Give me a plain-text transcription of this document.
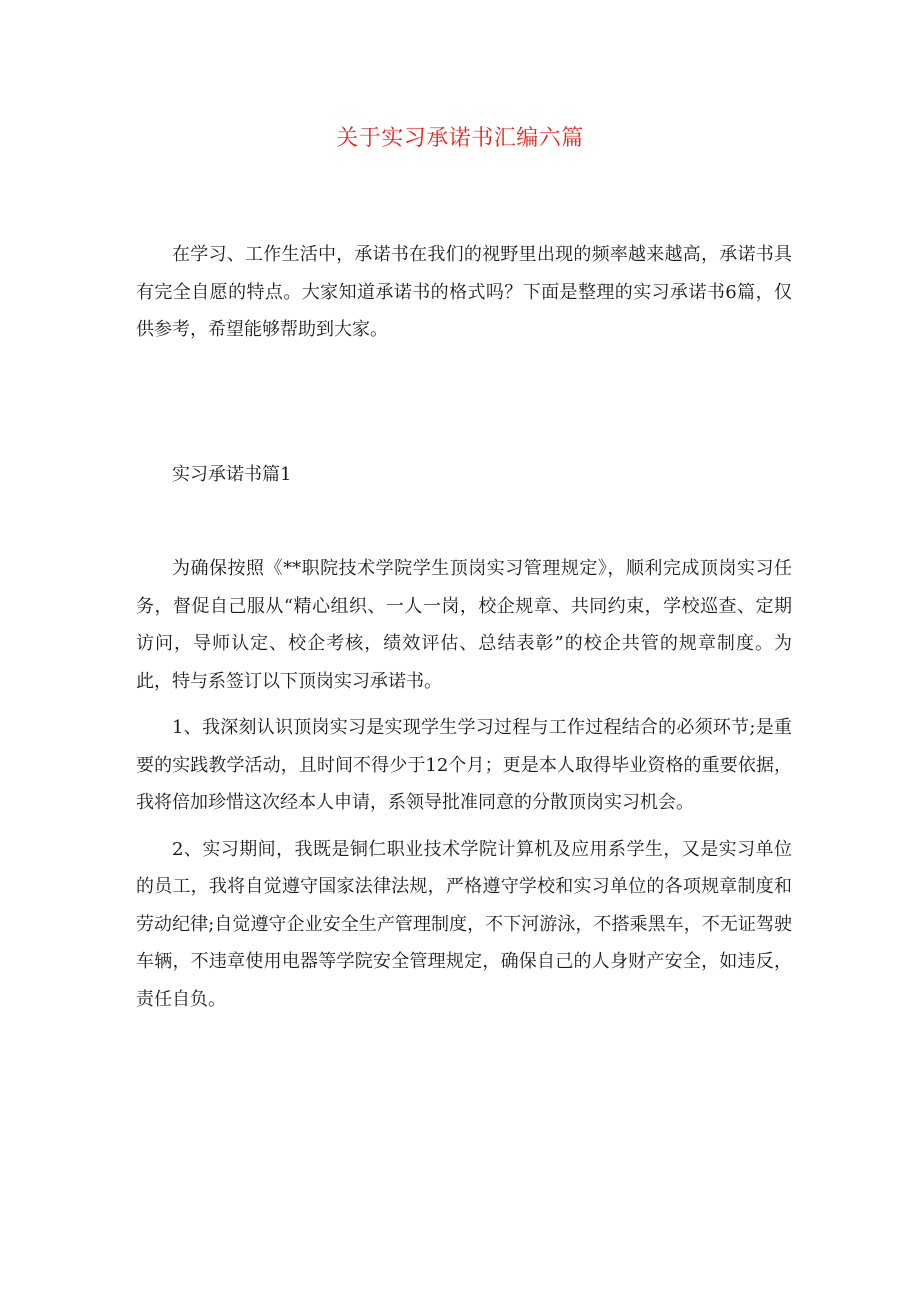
关于实习承诺书汇编六篇

在学习、工作生活中，承诺书在我们的视野里出现的频率越来越高，承诺书具有完全自愿的特点。大家知道承诺书的格式吗？下面是整理的实习承诺书6篇，仅供参考，希望能够帮助到大家。

实习承诺书篇1

为确保按照《**职院技术学院学生顶岗实习管理规定》，顺利完成顶岗实习任务，督促自己服从“精心组织、一人一岗，校企规章、共同约束，学校巡查、定期访问，导师认定、校企考核，绩效评估、总结表彰”的校企共管的规章制度。为此，特与系签订以下顶岗实习承诺书。

1、我深刻认识顶岗实习是实现学生学习过程与工作过程结合的必须环节;是重要的实践教学活动，且时间不得少于12个月；更是本人取得毕业资格的重要依据，我将倍加珍惜这次经本人申请，系领导批准同意的分散顶岗实习机会。

2、实习期间，我既是铜仁职业技术学院计算机及应用系学生，又是实习单位的员工，我将自觉遵守国家法律法规，严格遵守学校和实习单位的各项规章制度和劳动纪律;自觉遵守企业安全生产管理制度，不下河游泳，不搭乘黑车，不无证驾驶车辆，不违章使用电器等学院安全管理规定，确保自己的人身财产安全，如违反，责任自负。
